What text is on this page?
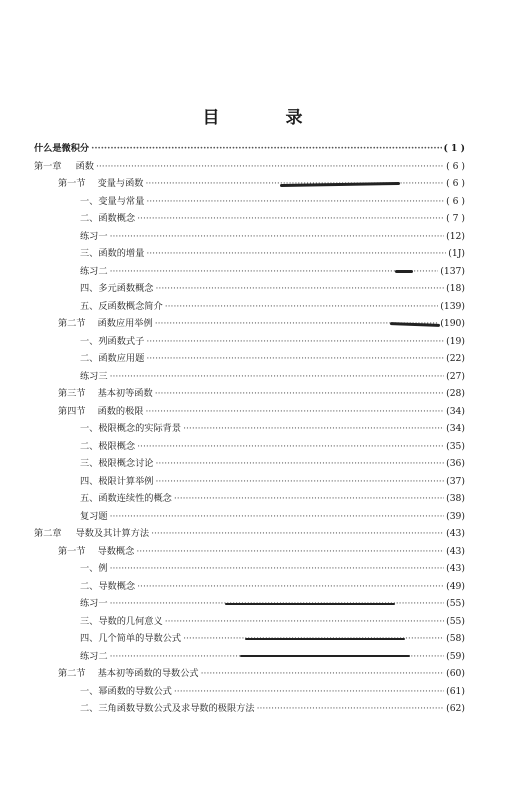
目 录
什么是微积分 ·····	( 1 )
第一章 函数 ·····	( 6 )
第一节 变量与函数 ·····	( 6 )
一、变量与常量 ·····	( 6 )
二、函数概念 ·····	( 7 )
练习一 ·····	(12)
三、函数的增量 ·····	(1J)
练习二 ·····	(137)
四、多元函数概念 ·····	(18)
五、反函数概念简介 ·····	(139)
第二节 函数应用举例 ·····	(190)
一、列函数式子 ·····	(19)
二、函数应用题 ·····	(22)
练习三 ·····	(27)
第三节 基本初等函数 ·····	(28)
第四节 函数的极限 ·····	(34)
一、极限概念的实际背景 ·····	(34)
二、极限概念 ·····	(35)
三、极限概念讨论 ·····	(36)
四、极限计算举例 ·····	(37)
五、函数连续性的概念 ·····	(38)
复习题 ·····	(39)
第二章 导数及其计算方法 ·····	(43)
第一节 导数概念 ·····	(43)
一、例 ·····	(43)
二、导数概念 ·····	(49)
练习一 ·····	(55)
三、导数的几何意义 ·····	(55)
四、几个简单的导数公式 ·····	(58)
练习二 ·····	(59)
第二节 基本初等函数的导数公式 ·····	(60)
一、幂函数的导数公式 ·····	(61)
二、三角函数导数公式及求导数的极限方法 ·····	(62)
